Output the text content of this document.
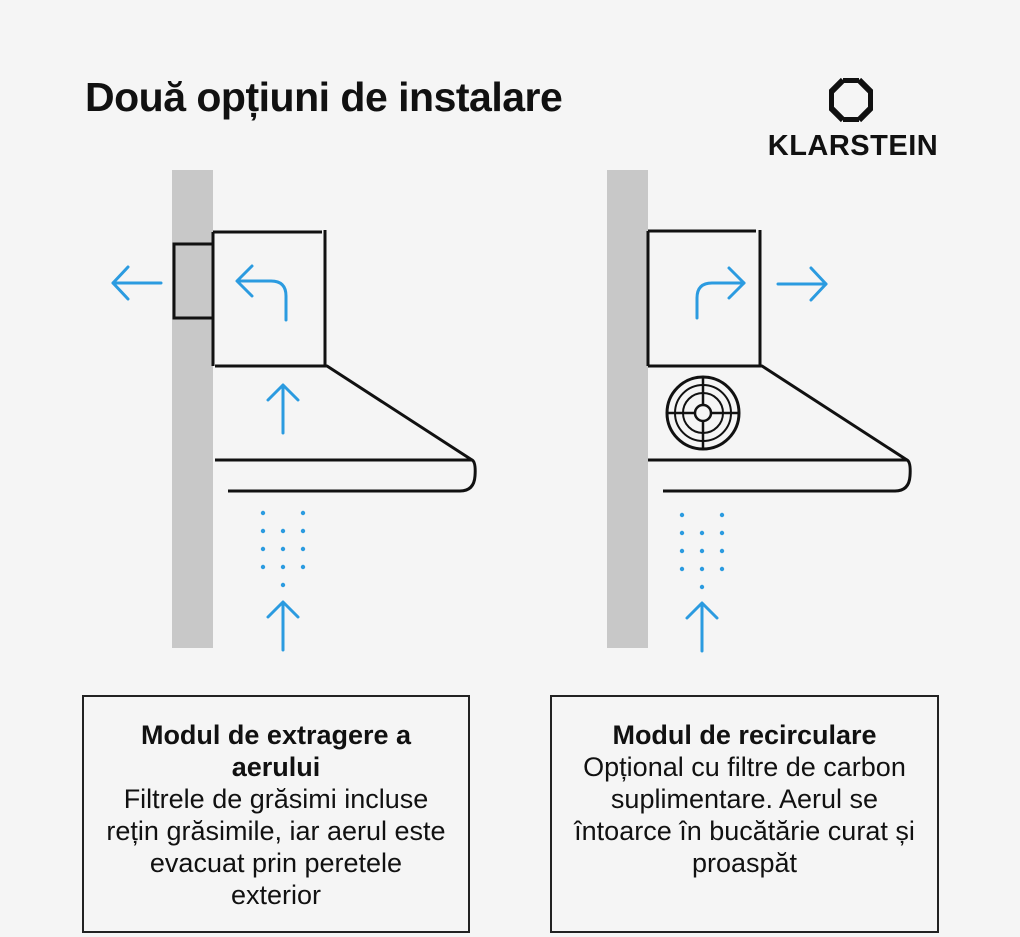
Două opțiuni de instalare
KLARSTEIN
Modul de extragere a aerului
Filtrele de grăsimi incluse rețin grăsimile, iar aerul este evacuat prin peretele exterior
Modul de recirculare
Opțional cu filtre de carbon suplimentare. Aerul se întoarce în bucătărie curat și proaspăt
